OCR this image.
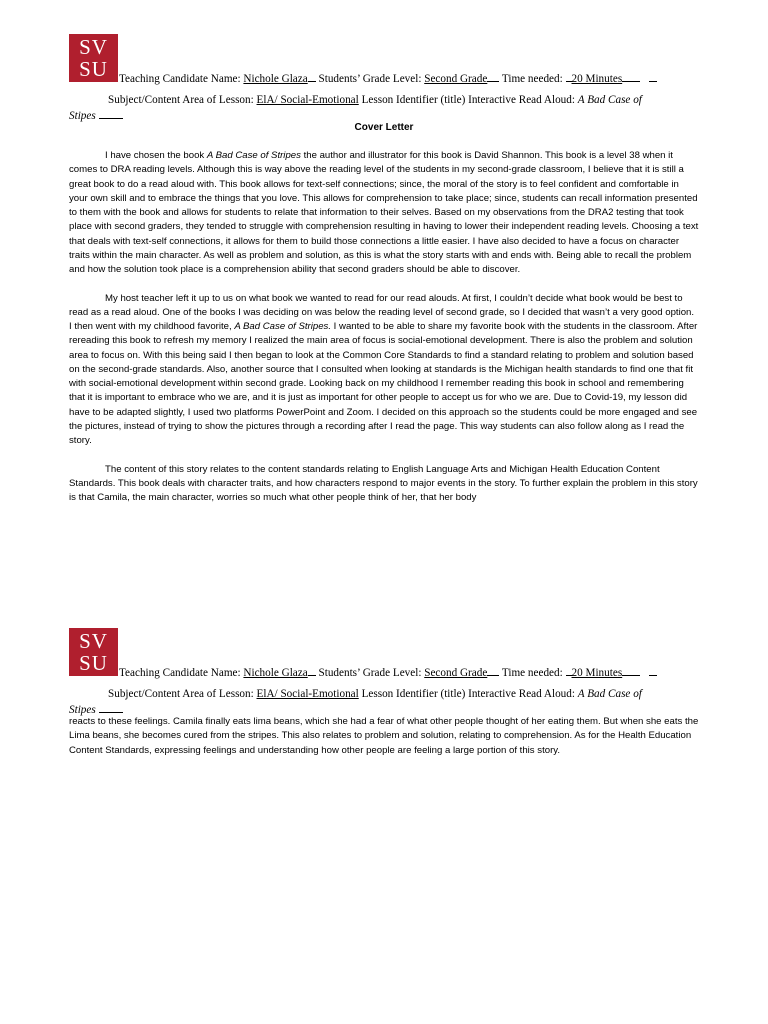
SV
SU Teaching Candidate Name: Nichole Glaza Students’ Grade Level: Second Grade Time needed: 20 Minutes
Subject/Content Area of Lesson: ElA/ Social-Emotional Lesson Identifier (title) Interactive Read Aloud: A Bad Case of
Stipes
Cover Letter

I have chosen the book A Bad Case of Stripes the author and illustrator for this book is David Shannon. This book is a level 38 when it comes to DRA reading levels. Although this is way above the reading level of the students in my second-grade classroom, I believe that it is still a great book to do a read aloud with. This book allows for text-self connections; since, the moral of the story is to feel confident and comfortable in your own skill and to embrace the things that you love. This allows for comprehension to take place; since, students can recall information presented to them with the book and allows for students to relate that information to their selves. Based on my observations from the DRA2 testing that took place with second graders, they tended to struggle with comprehension resulting in having to lower their independent reading levels. Choosing a text that deals with text-self connections, it allows for them to build those connections a little easier. I have also decided to have a focus on character traits within the main character. As well as problem and solution, as this is what the story starts with and ends with. Being able to recall the problem and how the solution took place is a comprehension ability that second graders should be able to discover.

My host teacher left it up to us on what book we wanted to read for our read alouds. At first, I couldn’t decide what book would be best to read as a read aloud. One of the books I was deciding on was below the reading level of second grade, so I decided that wasn’t a very good option. I then went with my childhood favorite, A Bad Case of Stripes. I wanted to be able to share my favorite book with the students in the classroom. After rereading this book to refresh my memory I realized the main area of focus is social-emotional development. There is also the problem and solution area to focus on. With this being said I then began to look at the Common Core Standards to find a standard relating to problem and solution based on the second-grade standards. Also, another source that I consulted when looking at standards is the Michigan health standards to find one that fit with social-emotional development within second grade. Looking back on my childhood I remember reading this book in school and remembering that it is important to embrace who we are, and it is just as important for other people to accept us for who we are. Due to Covid-19, my lesson did have to be adapted slightly, I used two platforms PowerPoint and Zoom. I decided on this approach so the students could be more engaged and see the pictures, instead of trying to show the pictures through a recording after I read the page. This way students can also follow along as I read the story.

The content of this story relates to the content standards relating to English Language Arts and Michigan Health Education Content Standards. This book deals with character traits, and how characters respond to major events in the story. To further explain the problem in this story is that Camila, the main character, worries so much what other people think of her, that her body

SV
SU Teaching Candidate Name: Nichole Glaza Students’ Grade Level: Second Grade Time needed: 20 Minutes
Subject/Content Area of Lesson: ElA/ Social-Emotional Lesson Identifier (title) Interactive Read Aloud: A Bad Case of
Stipes

reacts to these feelings. Camila finally eats lima beans, which she had a fear of what other people thought of her eating them. But when she eats the Lima beans, she becomes cured from the stripes. This also relates to problem and solution, relating to comprehension. As for the Health Education Content Standards, expressing feelings and understanding how other people are feeling a large portion of this story.
